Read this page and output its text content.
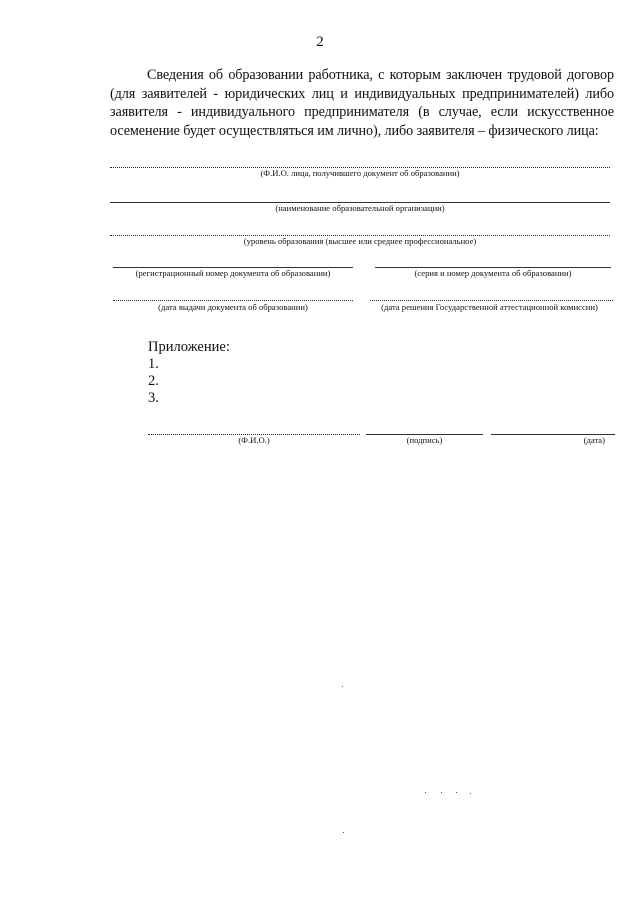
2

Сведения об образовании работника, с которым заключен трудовой договор (для заявителей - юридических лиц и индивидуальных предпринимателей) либо заявителя - индивидуального предпринимателя (в случае, если искусственное осеменение будет осуществляться им лично), либо заявителя – физического лица:

(Ф.И.О. лица, получившего документ об образовании)
(наименование образовательной организации)
(уровень образования (высшее или среднее профессиональное)
(регистрационный номер документа об образовании)	(серия и номер документа об образовании)
(дата выдачи документа об образовании)	(дата решения Государственной аттестационной комиссии)
Приложение:
1.
2.
3.
(Ф.И.О.)	(подпись)	(дата)
